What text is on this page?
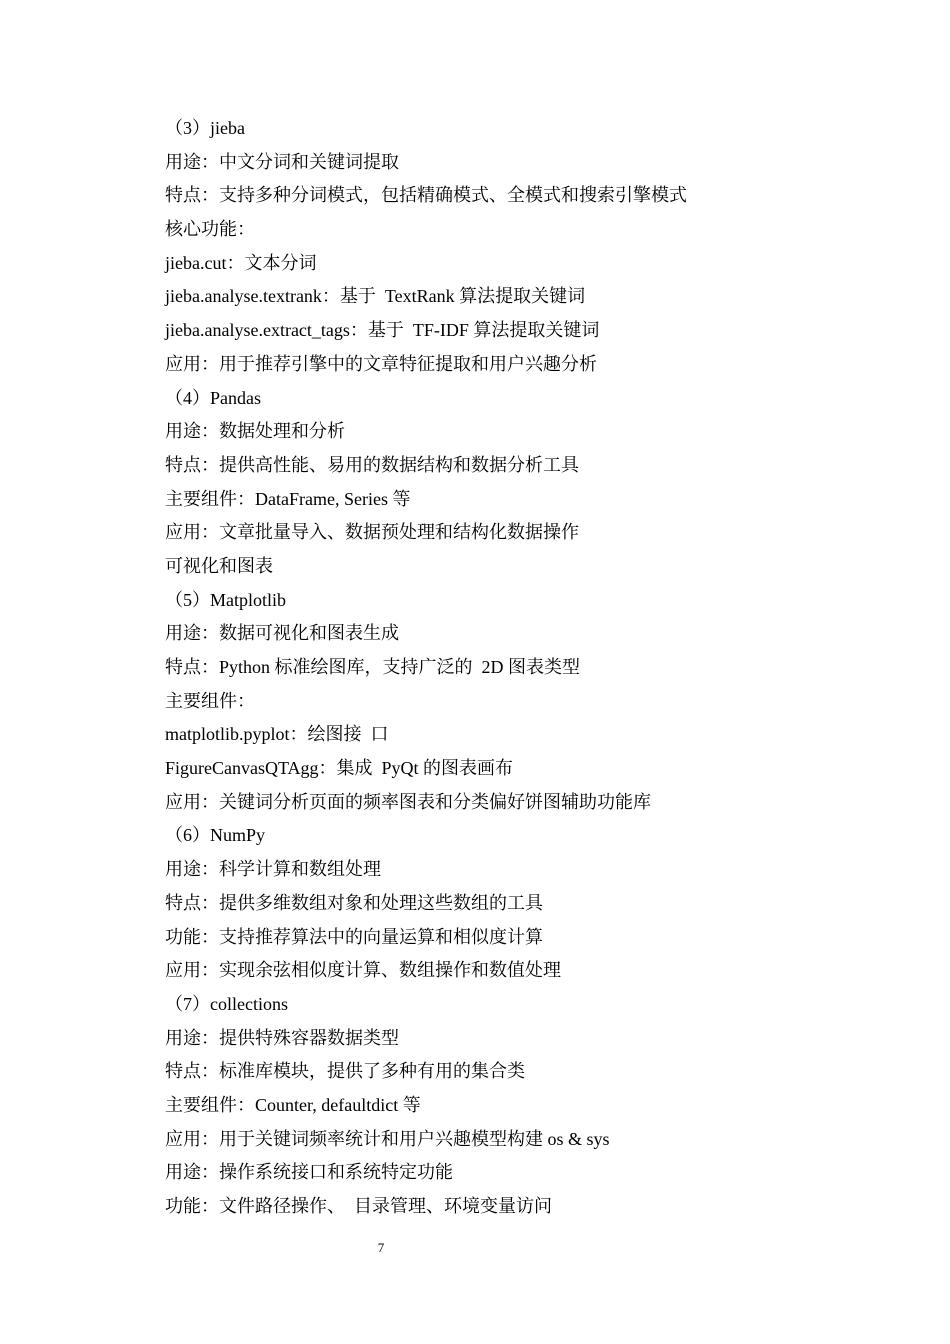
（3）jieba
用途：中文分词和关键词提取
特点：支持多种分词模式，包括精确模式、全模式和搜索引擎模式
核心功能：
jieba.cut：文本分词
jieba.analyse.textrank：基于  TextRank 算法提取关键词
jieba.analyse.extract_tags：基于  TF-IDF 算法提取关键词
应用：用于推荐引擎中的文章特征提取和用户兴趣分析
（4）Pandas
用途：数据处理和分析
特点：提供高性能、易用的数据结构和数据分析工具
主要组件：DataFrame, Series 等
应用：文章批量导入、数据预处理和结构化数据操作
可视化和图表
（5）Matplotlib
用途：数据可视化和图表生成
特点：Python 标准绘图库，支持广泛的  2D 图表类型
主要组件：
matplotlib.pyplot：绘图接  口
FigureCanvasQTAgg：集成  PyQt 的图表画布
应用：关键词分析页面的频率图表和分类偏好饼图辅助功能库
（6）NumPy
用途：科学计算和数组处理
特点：提供多维数组对象和处理这些数组的工具
功能：支持推荐算法中的向量运算和相似度计算
应用：实现余弦相似度计算、数组操作和数值处理
（7）collections
用途：提供特殊容器数据类型
特点：标准库模块，提供了多种有用的集合类
主要组件：Counter, defaultdict 等
应用：用于关键词频率统计和用户兴趣模型构建 os & sys
用途：操作系统接口和系统特定功能
功能：文件路径操作、  目录管理、环境变量访问
7
